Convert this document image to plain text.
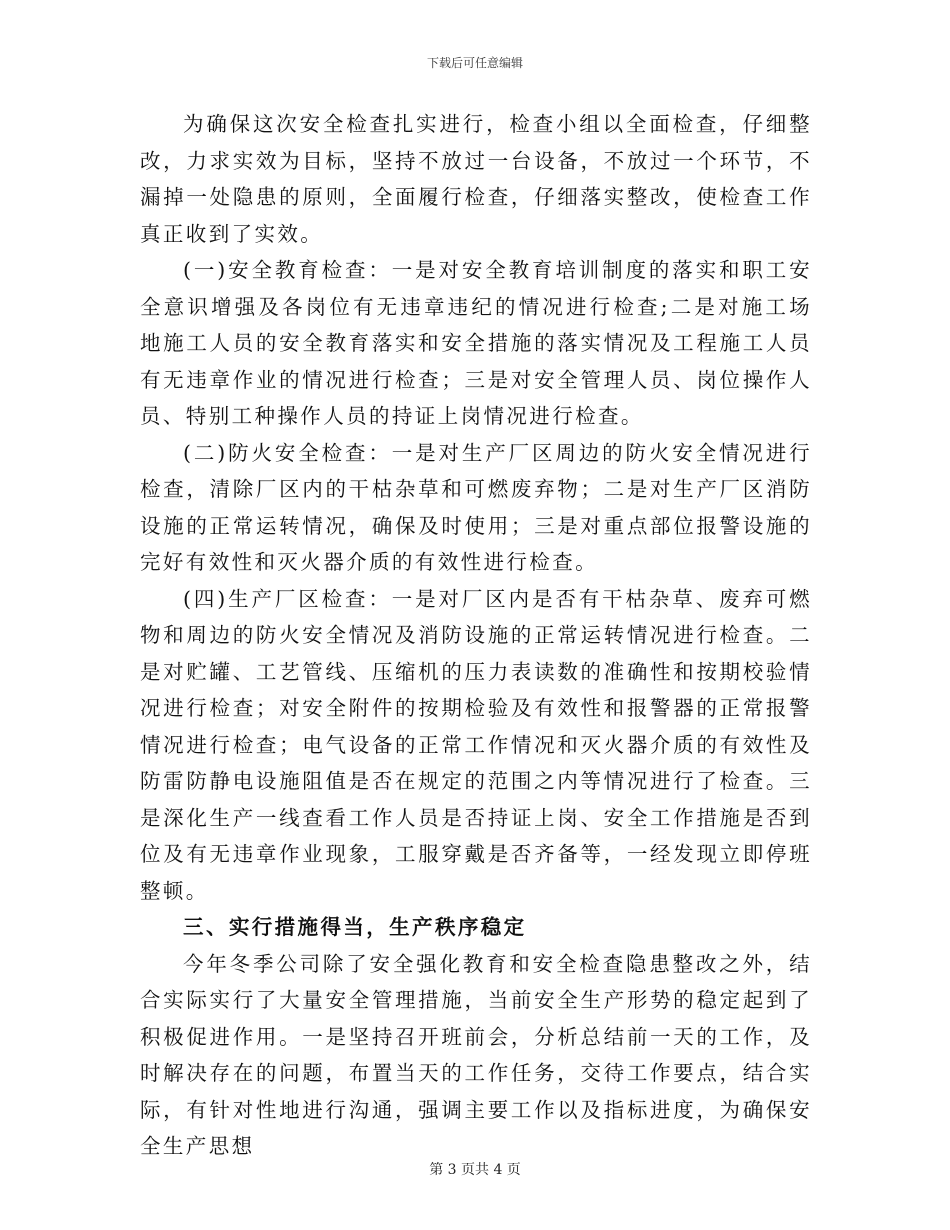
下载后可任意编辑

为确保这次安全检查扎实进行，检查小组以全面检查，仔细整改，力求实效为目标，坚持不放过一台设备，不放过一个环节，不漏掉一处隐患的原则，全面履行检查，仔细落实整改，使检查工作真正收到了实效。

(一)安全教育检查：一是对安全教育培训制度的落实和职工安全意识增强及各岗位有无违章违纪的情况进行检查;二是对施工场地施工人员的安全教育落实和安全措施的落实情况及工程施工人员有无违章作业的情况进行检查；三是对安全管理人员、岗位操作人员、特别工种操作人员的持证上岗情况进行检查。

(二)防火安全检查：一是对生产厂区周边的防火安全情况进行检查，清除厂区内的干枯杂草和可燃废弃物；二是对生产厂区消防设施的正常运转情况，确保及时使用；三是对重点部位报警设施的完好有效性和灭火器介质的有效性进行检查。

(四)生产厂区检查：一是对厂区内是否有干枯杂草、废弃可燃物和周边的防火安全情况及消防设施的正常运转情况进行检查。二是对贮罐、工艺管线、压缩机的压力表读数的准确性和按期校验情况进行检查；对安全附件的按期检验及有效性和报警器的正常报警情况进行检查；电气设备的正常工作情况和灭火器介质的有效性及防雷防静电设施阻值是否在规定的范围之内等情况进行了检查。三是深化生产一线查看工作人员是否持证上岗、安全工作措施是否到位及有无违章作业现象，工服穿戴是否齐备等，一经发现立即停班整顿。

三、实行措施得当，生产秩序稳定

今年冬季公司除了安全强化教育和安全检查隐患整改之外，结合实际实行了大量安全管理措施，当前安全生产形势的稳定起到了积极促进作用。一是坚持召开班前会，分析总结前一天的工作，及时解决存在的问题，布置当天的工作任务，交待工作要点，结合实际，有针对性地进行沟通，强调主要工作以及指标进度，为确保安全生产思想

第 3 页共 4 页
